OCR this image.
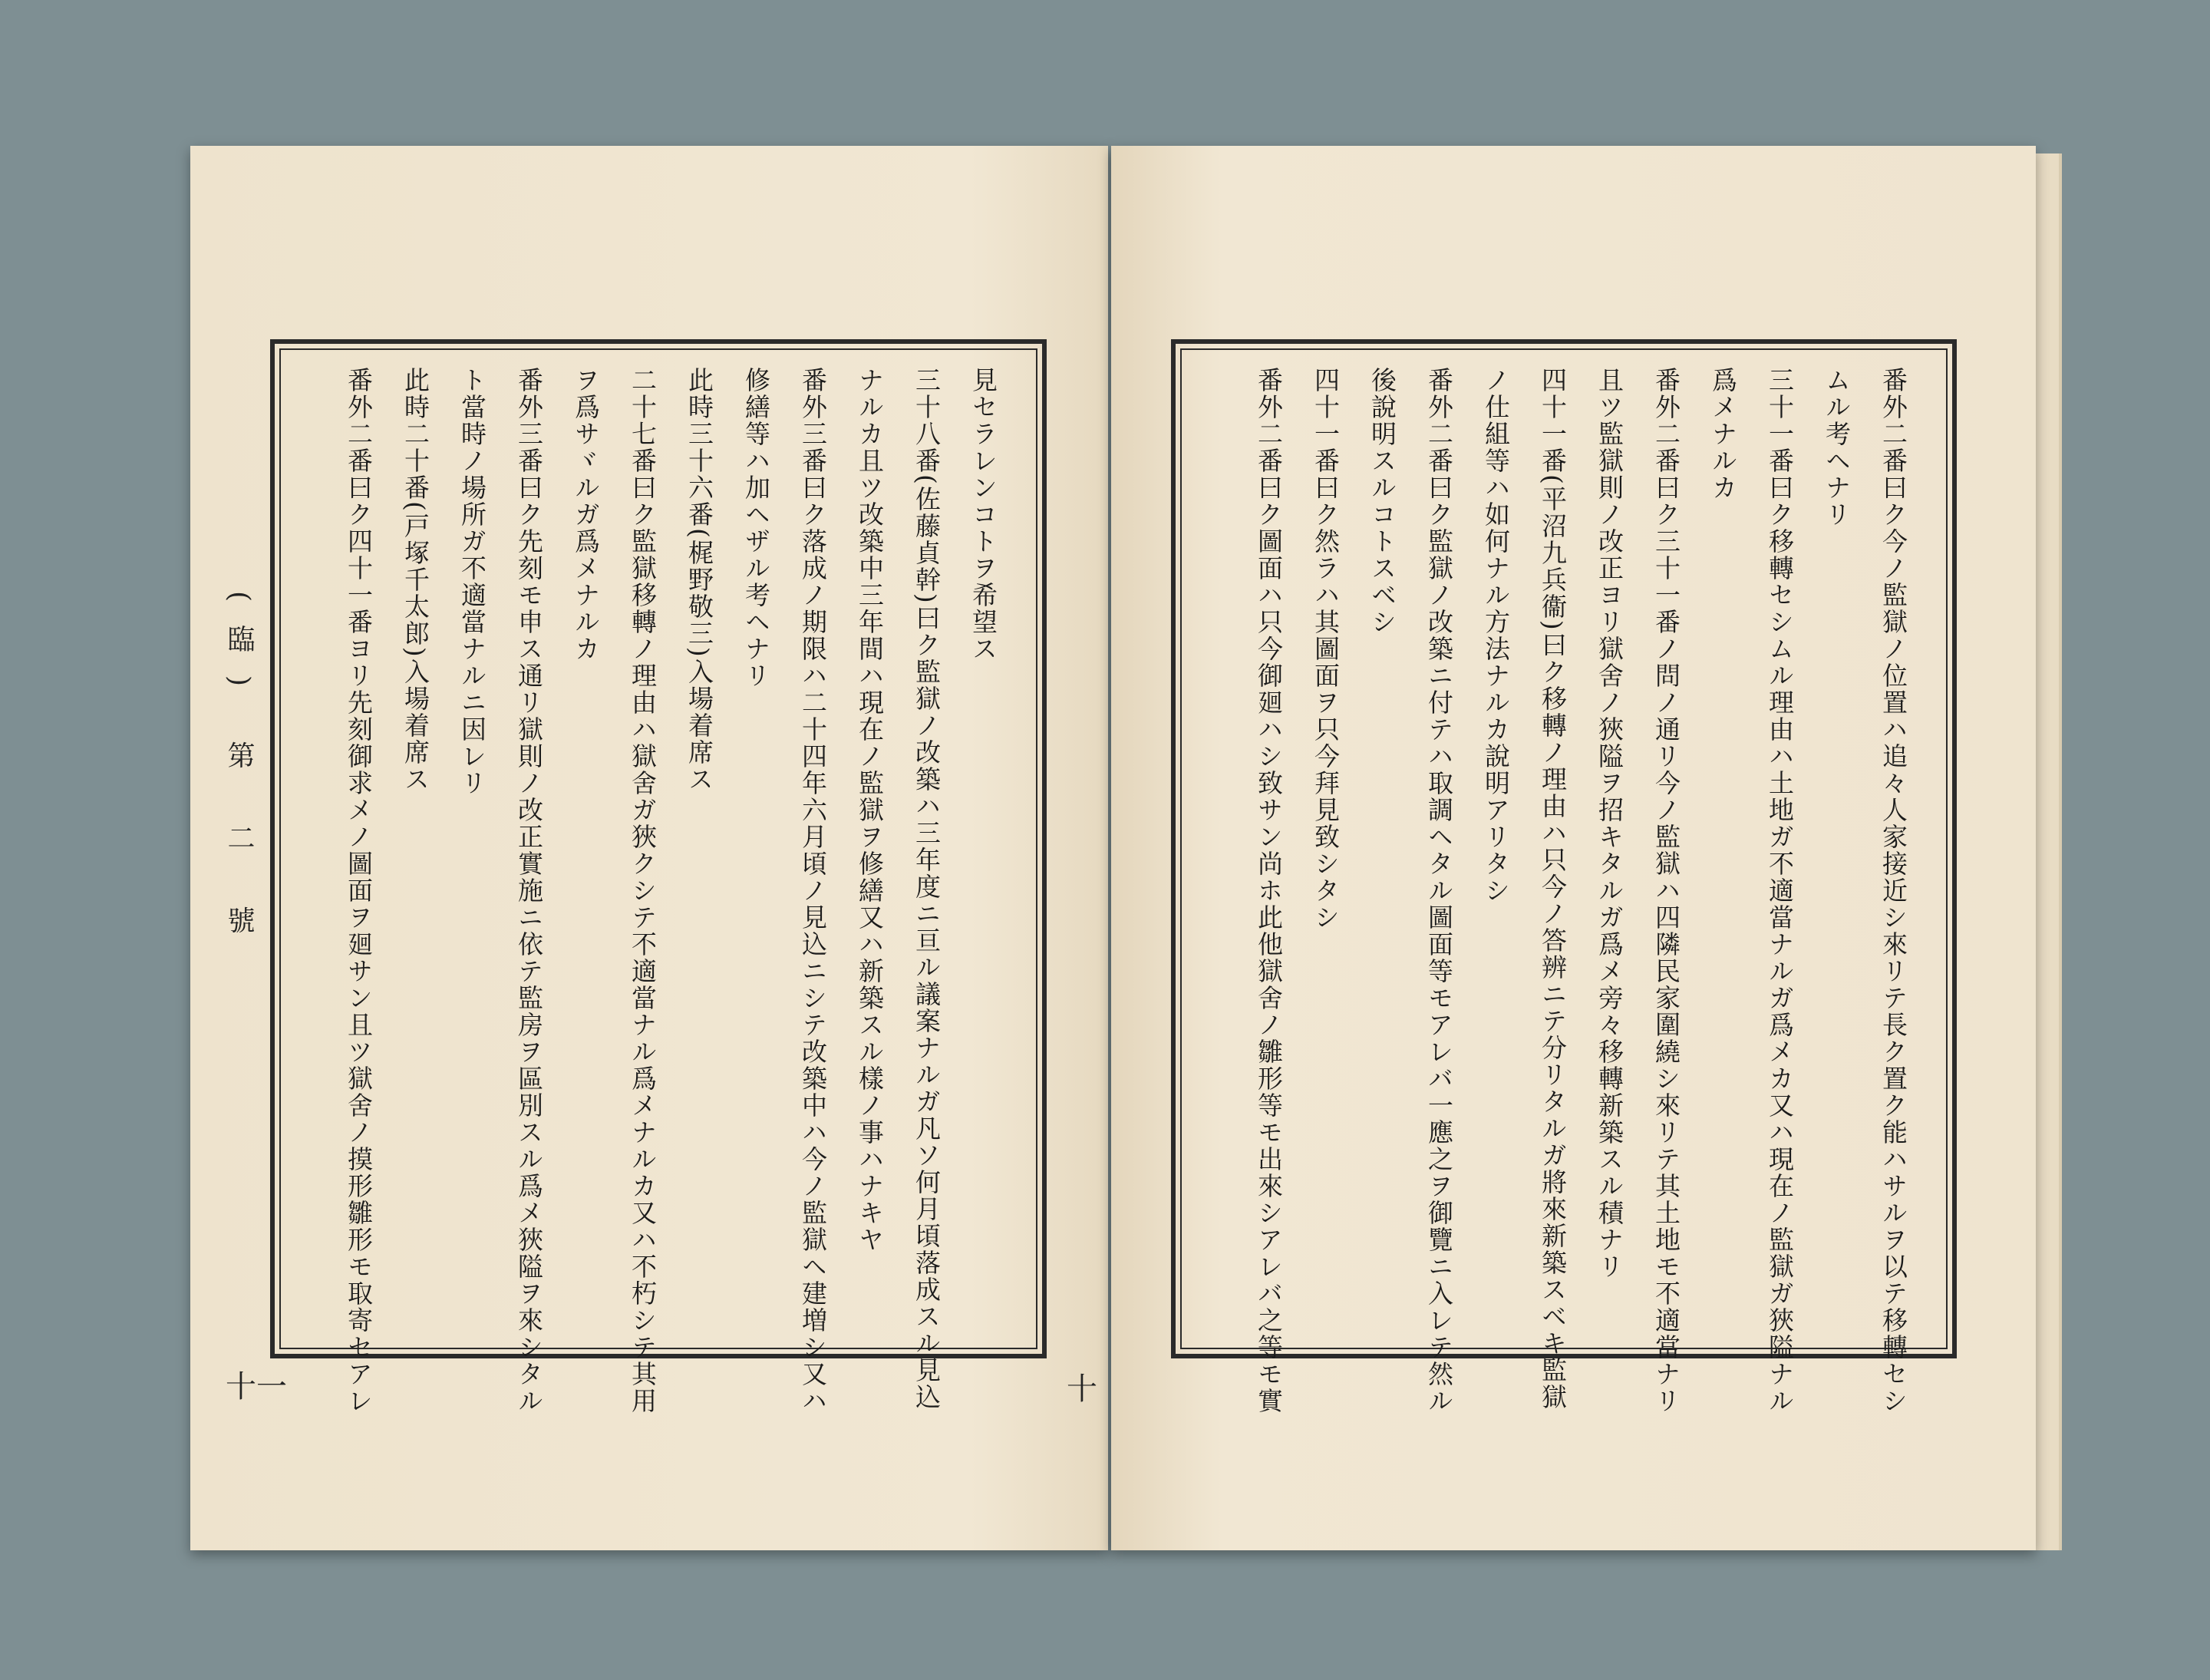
(臨) 第 二 號
十一	十
見セラレンコトヲ希望ス
三十八番(佐藤貞幹)曰ク監獄ノ改築ハ三年度ニ亘ル議案ナルガ凡ソ何月頃落成スル見込
ナルカ且ツ改築中三年間ハ現在ノ監獄ヲ修繕又ハ新築スル樣ノ事ハナキヤ
番外三番曰ク落成ノ期限ハ二十四年六月頃ノ見込ニシテ改築中ハ今ノ監獄ヘ建増シ又ハ
修繕等ハ加ヘザル考ヘナリ
此時三十六番(梶野敬三)入場着席ス
二十七番曰ク監獄移轉ノ理由ハ獄舍ガ狹クシテ不適當ナル爲メナルカ又ハ不朽シテ其用
ヲ爲サヾルガ爲メナルカ
番外三番曰ク先刻モ申ス通リ獄則ノ改正實施ニ依テ監房ヲ區別スル爲メ狹隘ヲ來シタル
ト當時ノ場所ガ不適當ナルニ因レリ
此時二十番(戸塚千太郎)入場着席ス
番外二番曰ク四十一番ヨリ先刻御求メノ圖面ヲ廻サン且ツ獄舍ノ摸形雛形モ取寄セアレ	番外二番曰ク今ノ監獄ノ位置ハ追々人家接近シ來リテ長ク置ク能ハサルヲ以テ移轉セシ
ムル考ヘナリ
三十一番曰ク移轉セシムル理由ハ土地ガ不適當ナルガ爲メカ又ハ現在ノ監獄ガ狹隘ナル
爲メナルカ
番外二番曰ク三十一番ノ問ノ通リ今ノ監獄ハ四隣民家圍繞シ來リテ其土地モ不適當ナリ
且ツ監獄則ノ改正ヨリ獄舍ノ狹隘ヲ招キタルガ爲メ旁々移轉新築スル積ナリ
四十一番(平沼九兵衞)曰ク移轉ノ理由ハ只今ノ答辨ニテ分リタルガ將來新築スベキ監獄
ノ仕組等ハ如何ナル方法ナルカ說明アリタシ
番外二番曰ク監獄ノ改築ニ付テハ取調ヘタル圖面等モアレバ一應之ヲ御覽ニ入レテ然ル
後說明スルコトスベシ
四十一番曰ク然ラハ其圖面ヲ只今拜見致シタシ
番外二番曰ク圖面ハ只今御廻ハシ致サン尚ホ此他獄舍ノ雛形等モ出來シアレバ之等モ實
